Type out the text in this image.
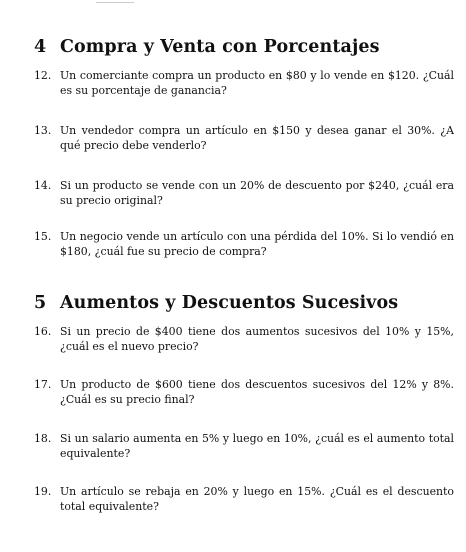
4 Compra y Venta con Porcentajes
12. Un comerciante compra un producto en $80 y lo vende en $120. ¿Cuál es su porcentaje de ganancia?
13. Un vendedor compra un artículo en $150 y desea ganar el 30%. ¿A qué precio debe venderlo?
14. Si un producto se vende con un 20% de descuento por $240, ¿cuál era su precio original?
15. Un negocio vende un artículo con una pérdida del 10%. Si lo vendió en $180, ¿cuál fue su precio de compra?
5 Aumentos y Descuentos Sucesivos
16. Si un precio de $400 tiene dos aumentos sucesivos del 10% y 15%, ¿cuál es el nuevo precio?
17. Un producto de $600 tiene dos descuentos sucesivos del 12% y 8%. ¿Cuál es su precio final?
18. Si un salario aumenta en 5% y luego en 10%, ¿cuál es el aumento total equivalente?
19. Un artículo se rebaja en 20% y luego en 15%. ¿Cuál es el descuento total equivalente?
